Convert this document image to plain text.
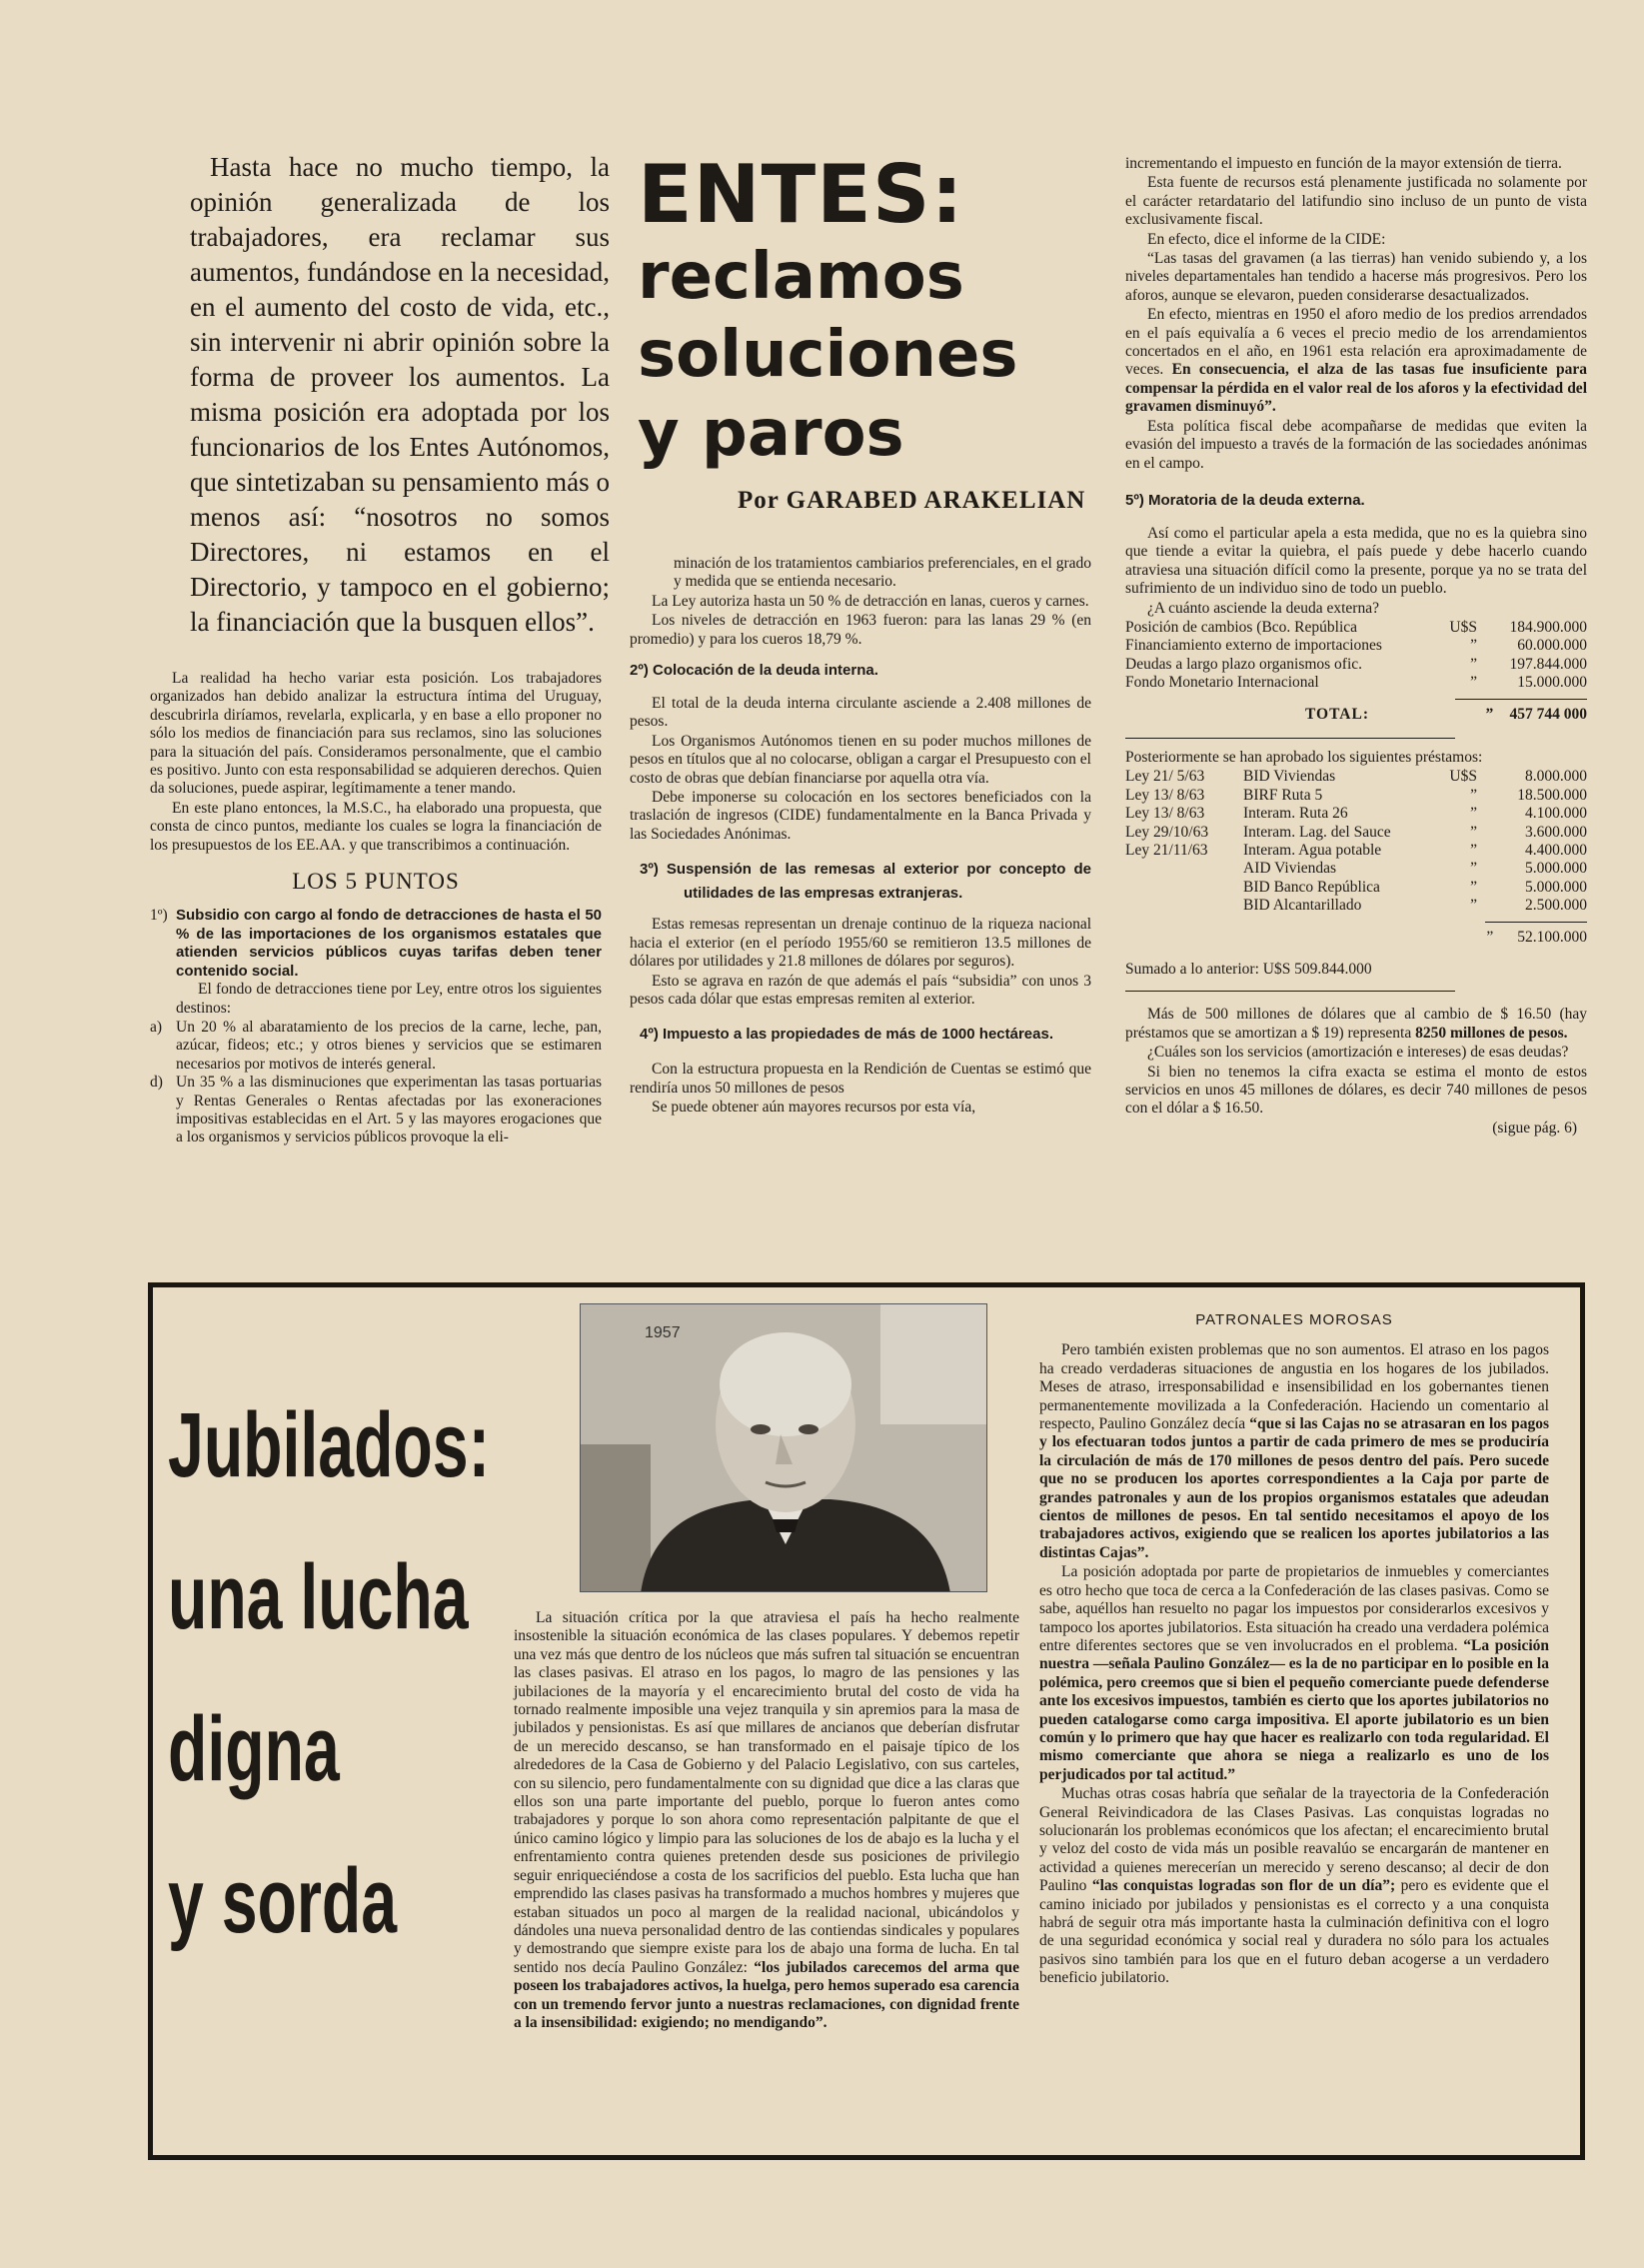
Hasta hace no mucho tiempo, la opinión generalizada de los trabajadores, era reclamar sus aumentos, fundándose en la necesidad, en el aumento del costo de vida, etc., sin intervenir ni abrir opinión sobre la forma de proveer los aumentos. La misma posición era adoptada por los funcionarios de los Entes Autónomos, que sintetizaban su pensamiento más o menos así: “nosotros no somos Directores, ni estamos en el Directorio, y tampoco en el gobierno; la financiación que la busquen ellos”.

ENTES:
reclamos
soluciones
y paros
Por GARABED ARAKELIAN

La realidad ha hecho variar esta posición. Los trabajadores organizados han debido analizar la estructura íntima del Uruguay, descubrirla diríamos, revelarla, explicarla, y en base a ello proponer no sólo los medios de financiación para sus reclamos, sino las soluciones para la situación del país. Consideramos personalmente, que el cambio es positivo. Junto con esta responsabilidad se adquieren derechos. Quien da soluciones, puede aspirar, legítimamente a tener mando.

En este plano entonces, la M.S.C., ha elaborado una propuesta, que consta de cinco puntos, mediante los cuales se logra la financiación de los presupuestos de los EE.AA. y que transcribimos a continuación.

LOS 5 PUNTOS
1º) Subsidio con cargo al fondo de detracciones de hasta el 50 % de las importaciones de los organismos estatales que atienden servicios públicos cuyas tarifas deben tener contenido social.

El fondo de detracciones tiene por Ley, entre otros los siguientes destinos:

a) Un 20 % al abaratamiento de los precios de la carne, leche, pan, azúcar, fideos; etc.; y otros bienes y servicios que se estimaren necesarios por motivos de interés general.
d) Un 35 % a las disminuciones que experimentan las tasas portuarias y Rentas Generales o Rentas afectadas por las exoneraciones impositivas establecidas en el Art. 5 y las mayores erogaciones que a los organismos y servicios públicos provoque la eli-

minación de los tratamientos cambiarios preferenciales, en el grado y medida que se entienda necesario.

La Ley autoriza hasta un 50 % de detracción en lanas, cueros y carnes.

Los niveles de detracción en 1963 fueron: para las lanas 29 % (en promedio) y para los cueros 18,79 %.

2º) Colocación de la deuda interna.

El total de la deuda interna circulante asciende a 2.408 millones de pesos.

Los Organismos Autónomos tienen en su poder muchos millones de pesos en títulos que al no colocarse, obligan a cargar el Presupuesto con el costo de obras que debían financiarse por aquella otra vía.

Debe imponerse su colocación en los sectores beneficiados con la traslación de ingresos (CIDE) fundamentalmente en la Banca Privada y las Sociedades Anónimas.

3º) Suspensión de las remesas al exterior por concepto de utilidades de las empresas extranjeras.

Estas remesas representan un drenaje continuo de la riqueza nacional hacia el exterior (en el período 1955/60 se remitieron 13.5 millones de dólares por utilidades y 21.8 millones de dólares por seguros).

Esto se agrava en razón de que además el país “subsidia” con unos 3 pesos cada dólar que estas empresas remiten al exterior.

4º) Impuesto a las propiedades de más de 1000 hectáreas.

Con la estructura propuesta en la Rendición de Cuentas se estimó que rendiría unos 50 millones de pesos

Se puede obtener aún mayores recursos por esta vía,

incrementando el impuesto en función de la mayor extensión de tierra.

Esta fuente de recursos está plenamente justificada no solamente por el carácter retardatario del latifundio sino incluso de un punto de vista exclusivamente fiscal.

En efecto, dice el informe de la CIDE:

“Las tasas del gravamen (a las tierras) han venido subiendo y, a los niveles departamentales han tendido a hacerse más progresivos. Pero los aforos, aunque se elevaron, pueden considerarse desactualizados.

En efecto, mientras en 1950 el aforo medio de los predios arrendados en el país equivalía a 6 veces el precio medio de los arrendamientos concertados en el año, en 1961 esta relación era aproximadamente de veces. En consecuencia, el alza de las tasas fue insuficiente para compensar la pérdida en el valor real de los aforos y la efectividad del gravamen disminuyó”.

Esta política fiscal debe acompañarse de medidas que eviten la evasión del impuesto a través de la formación de las sociedades anónimas en el campo.

5º) Moratoria de la deuda externa.

Así como el particular apela a esta medida, que no es la quiebra sino que tiende a evitar la quiebra, el país puede y debe hacerlo cuando atraviesa una situación difícil como la presente, porque ya no se trata del sufrimiento de un individuo sino de todo un pueblo.

¿A cuánto asciende la deuda externa?

Posición de cambios (Bco. República	U$S	184.900.000
Financiamiento externo de importaciones	”	60.000.000
Deudas a largo plazo organismos ofic.	”	197.844.000
Fondo Monetario Internacional	”	15.000.000
TOTAL:	”	457 744 000

Posteriormente se han aprobado los siguientes préstamos:

Ley 21/ 5/63	BID Viviendas	U$S	8.000.000
Ley 13/ 8/63	BIRF Ruta 5	”	18.500.000
Ley 13/ 8/63	Interam. Ruta 26	”	4.100.000
Ley 29/10/63	Interam. Lag. del Sauce	”	3.600.000
Ley 21/11/63	Interam. Agua potable	”	4.400.000
	AID Viviendas	”	5.000.000
	BID Banco República	”	5.000.000
	BID Alcantarillado	”	2.500.000
” 52.100.000

Sumado a lo anterior: U$S 509.844.000

Más de 500 millones de dólares que al cambio de $ 16.50 (hay préstamos que se amortizan a $ 19) representa 8250 millones de pesos.

¿Cuáles son los servicios (amortización e intereses) de esas deudas?

Si bien no tenemos la cifra exacta se estima el monto de estos servicios en unos 45 millones de dólares, es decir 740 millones de pesos con el dólar a $ 16.50.

(sigue pág. 6)
Jubilados:
una lucha
digna
y sorda
1957

La situación crítica por la que atraviesa el país ha hecho realmente insostenible la situación económica de las clases populares. Y debemos repetir una vez más que dentro de los núcleos que más sufren tal situación se encuentran las clases pasivas. El atraso en los pagos, lo magro de las pensiones y las jubilaciones de la mayoría y el encarecimiento brutal del costo de vida ha tornado realmente imposible una vejez tranquila y sin apremios para la masa de jubilados y pensionistas. Es así que millares de ancianos que deberían disfrutar de un merecido descanso, se han transformado en el paisaje típico de los alrededores de la Casa de Gobierno y del Palacio Legislativo, con sus carteles, con su silencio, pero fundamentalmente con su dignidad que dice a las claras que ellos son una parte importante del pueblo, porque lo fueron antes como trabajadores y porque lo son ahora como representación palpitante de que el único camino lógico y limpio para las soluciones de los de abajo es la lucha y el enfrentamiento contra quienes pretenden desde sus posiciones de privilegio seguir enriqueciéndose a costa de los sacrificios del pueblo. Esta lucha que han emprendido las clases pasivas ha transformado a muchos hombres y mujeres que estaban situados un poco al margen de la realidad nacional, ubicándolos y dándoles una nueva personalidad dentro de las contiendas sindicales y populares y demostrando que siempre existe para los de abajo una forma de lucha. En tal sentido nos decía Paulino González: “los jubilados carecemos del arma que poseen los trabajadores activos, la huelga, pero hemos superado esa carencia con un tremendo fervor junto a nuestras reclamaciones, con dignidad frente a la insensibilidad: exigiendo; no mendigando”.

PATRONALES MOROSAS

Pero también existen problemas que no son aumentos. El atraso en los pagos ha creado verdaderas situaciones de angustia en los hogares de los jubilados. Meses de atraso, irresponsabilidad e insensibilidad en los gobernantes tienen permanentemente movilizada a la Confederación. Haciendo un comentario al respecto, Paulino González decía “que si las Cajas no se atrasaran en los pagos y los efectuaran todos juntos a partir de cada primero de mes se produciría la circulación de más de 170 millones de pesos dentro del país. Pero sucede que no se producen los aportes correspondientes a la Caja por parte de grandes patronales y aun de los propios organismos estatales que adeudan cientos de millones de pesos. En tal sentido necesitamos el apoyo de los trabajadores activos, exigiendo que se realicen los aportes jubilatorios a las distintas Cajas”.

La posición adoptada por parte de propietarios de inmuebles y comerciantes es otro hecho que toca de cerca a la Confederación de las clases pasivas. Como se sabe, aquéllos han resuelto no pagar los impuestos por considerarlos excesivos y tampoco los aportes jubilatorios. Esta situación ha creado una verdadera polémica entre diferentes sectores que se ven involucrados en el problema. “La posición nuestra —señala Paulino González— es la de no participar en lo posible en la polémica, pero creemos que si bien el pequeño comerciante puede defenderse ante los excesivos impuestos, también es cierto que los aportes jubilatorios no pueden catalogarse como carga impositiva. El aporte jubilatorio es un bien común y lo primero que hay que hacer es realizarlo con toda regularidad. El mismo comerciante que ahora se niega a realizarlo es uno de los perjudicados por tal actitud.”

Muchas otras cosas habría que señalar de la trayectoria de la Confederación General Reivindicadora de las Clases Pasivas. Las conquistas logradas no solucionarán los problemas económicos que los afectan; el encarecimiento brutal y veloz del costo de vida más un posible reavalúo se encargarán de mantener en actividad a quienes merecerían un merecido y sereno descanso; al decir de don Paulino “las conquistas logradas son flor de un día”; pero es evidente que el camino iniciado por jubilados y pensionistas es el correcto y a una conquista habrá de seguir otra más importante hasta la culminación definitiva con el logro de una seguridad económica y social real y duradera no sólo para los actuales pasivos sino también para los que en el futuro deban acogerse a un verdadero beneficio jubilatorio.
